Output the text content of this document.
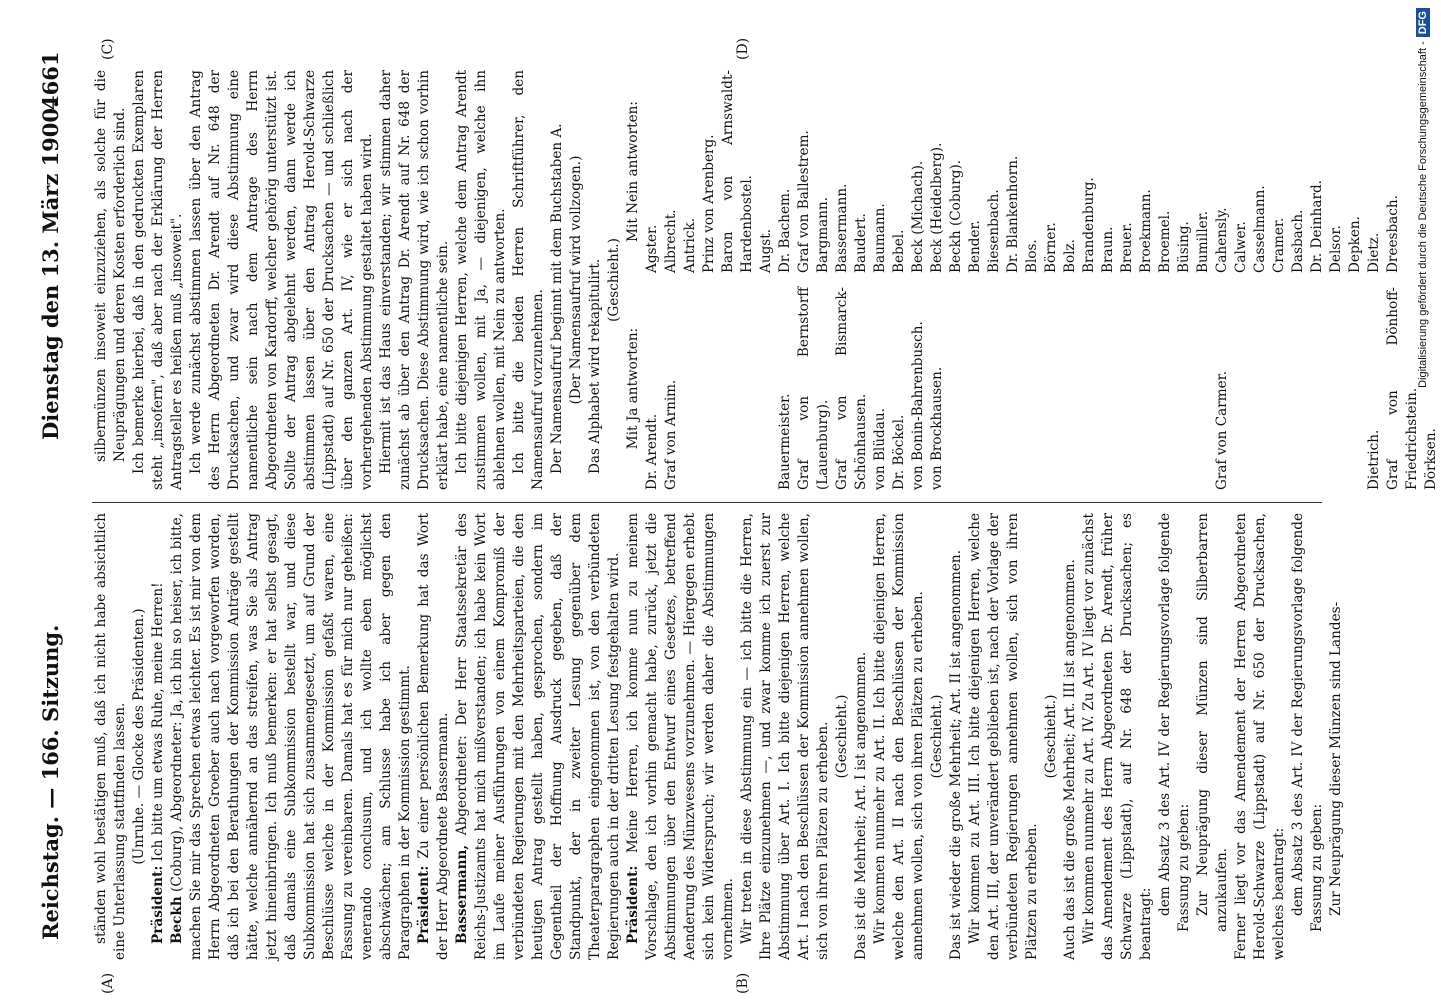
Reichstag. — 166. Sitzung.
Dienstag den 13. März 1900.
4661
(A)	(B)
(C)	(D)

ständen wohl bestätigen muß, daß ich nicht habe absichtlich eine Unterlassung stattfinden lassen. (Unruhe. — Glocke des Präsidenten.)

Präsident: Ich bitte um etwas Ruhe, meine Herren!

Beckh (Coburg), Abgeordneter: Ja, ich bin so heiser, ich bitte, machen Sie mir das Sprechen etwas leichter. Es ist mir von dem Herrn Abgeordneten Groeber auch nach vorgeworfen worden, daß ich bei den Berathungen der Kommission Anträge gestellt hätte, welche annähernd an das streifen, was Sie als Antrag jetzt hineinbringen. Ich muß bemerken: er hat selbst gesagt, daß damals eine Subkommission bestellt war, und diese Subkommission hat sich zusammengesetzt, um auf Grund der Beschlüsse welche in der Kommission gefaßt waren, eine Fassung zu vereinbaren. Damals hat es für mich nur geheißen: venerando conclusum, und ich wollte eben möglichst abschwächen; am Schlusse habe ich aber gegen den Paragraphen in der Kommission gestimmt. Präsident: Zu einer persönlichen Bemerkung hat das Wort der Herr Abgeordnete Bassermann. Bassermann, Abgeordneter: Der Herr Staatssekretär des Reichs-Justizamts hat mich mißverstanden; ich habe kein Wort im Laufe meiner Ausführungen von einem Kompromiß der verbündeten Regierungen mit den Mehrheitsparteien, die den heutigen Antrag gestellt haben, gesprochen, sondern im Gegentheil der Hoffnung Ausdruck gegeben, daß der Standpunkt, der in zweiter Lesung gegenüber dem Theaterparagraphen eingenommen ist, von den verbündeten Regierungen auch in der dritten Lesung festgehalten wird. Präsident: Meine Herren, ich komme nun zu meinem Vorschlage, den ich vorhin gemacht habe, zurück, jetzt die Abstimmungen über den Entwurf eines Gesetzes, betreffend Aenderung des Münzwesens vorzunehmen. — Hiergegen erhebt sich kein Widerspruch; wir werden daher die Abstimmungen vornehmen. Wir treten in diese Abstimmung ein — ich bitte die Herren, Ihre Plätze einzunehmen —, und zwar komme ich zuerst zur Abstimmung über Art. I. Ich bitte diejenigen Herren, welche Art. I nach den Beschlüssen der Kommission annehmen wollen, sich von ihren Plätzen zu erheben. (Geschieht.) Das ist die Mehrheit; Art. I ist angenommen. Wir kommen nunmehr zu Art. II. Ich bitte diejenigen Herren, welche den Art. II nach den Beschlüssen der Kommission annehmen wollen, sich von ihren Plätzen zu erheben. (Geschieht.) Das ist wieder die große Mehrheit; Art. II ist angenommen. Wir kommen zu Art. III. Ich bitte diejenigen Herren, welche den Art. III, der unverändert geblieben ist, nach der Vorlage der verbündeten Regierungen annehmen wollen, sich von ihren Plätzen zu erheben.

(Geschieht.) Auch das ist die große Mehrheit; Art. III ist angenommen. Wir kommen nunmehr zu Art. IV. Zu Art. IV liegt vor zunächst das Amendement des Herrn Abgeordneten Dr. Arendt, früher Schwarze (Lippstadt), auf Nr. 648 der Drucksachen; es beantragt:

dem Absatz 3 des Art. IV der Regierungsvorlage folgende Fassung zu geben: Zur Neuprägung dieser Münzen sind Silberbarren anzukaufen. Ferner liegt vor das Amendement der Herren Abgeordneten Herold-Schwarze (Lippstadt) auf Nr. 650 der Drucksachen, welches beantragt: dem Absatz 3 des Art. IV der Regierungsvorlage folgende Fassung zu geben: Zur Neuprägung dieser Münzen sind Landes-

silbermünzen insoweit einzuziehen, als solche für die Neuprägungen und deren Kosten erforderlich sind. Ich bemerke hierbei, daß in den gedruckten Exemplaren steht „insofern", daß aber nach der Erklärung der Herren Antragsteller es heißen muß „insoweit". Ich werde zunächst abstimmen lassen über den Antrag des Herrn Abgeordneten Dr. Arendt auf Nr. 648 der Drucksachen, und zwar wird diese Abstimmung eine namentliche sein nach dem Antrage des Herrn Abgeordneten von Kardorff, welcher gehörig unterstützt ist. Sollte der Antrag abgelehnt werden, dann werde ich abstimmen lassen über den Antrag Herold-Schwarze (Lippstadt) auf Nr. 650 der Drucksachen — und schließlich über den ganzen Art. IV, wie er sich nach der vorhergehenden Abstimmung gestaltet haben wird. Hiermit ist das Haus einverstanden; wir stimmen daher zunächst ab über den Antrag Dr. Arendt auf Nr. 648 der Drucksachen. Diese Abstimmung wird, wie ich schon vorhin erklärt habe, eine namentliche sein. Ich bitte diejenigen Herren, welche dem Antrag Arendt zustimmen wollen, mit Ja, — diejenigen, welche ihn ablehnen wollen, mit Nein zu antworten. Ich bitte die beiden Herren Schriftführer, den Namensaufruf vorzunehmen. Der Namensaufruf beginnt mit dem Buchstaben A. (Der Namensaufruf wird vollzogen.) Das Alphabet wird rekapitulirt. (Geschieht.)

Mit Ja antworten:

Dr. Arendt. Graf von Arnim.

	Bauermeister. Graf von Bernstorff (Lauenburg). Graf von Bismarck-Schönhausen. von Blüdau. Dr. Böckel. von Bonin-Bahrenbusch. von Brockhausen.

	Graf von Carmer.

	Dietrich. Graf von Dönhoff-Friedrichstein. Dörksen.

Mit Nein antworten:

Agster. Albrecht. Antrick. Prinz von Arenberg. Baron von Arnswaldt-Hardenbostel. Augst. Dr. Bachem. Graf von Ballestrem. Bargmann. Bassermann. Baudert. Baumann. Bebel. Beck (Michach). Beck (Heidelberg). Beckh (Coburg). Bender. Biesenbach. Dr. Blankenhorn. Blos. Börner. Bolz. Brandenburg. Braun. Breuer. Broekmann. Broemel. Büsing. Bumiller. Cahensly. Calwer. Casselmann. Cramer. Dasbach. Dr. Deinhard. Delsor. Depken. Dietz. Dreesbach.	Digitalisierung gefördert durch die Deutsche Forschungsgemeinschaft -DFG
